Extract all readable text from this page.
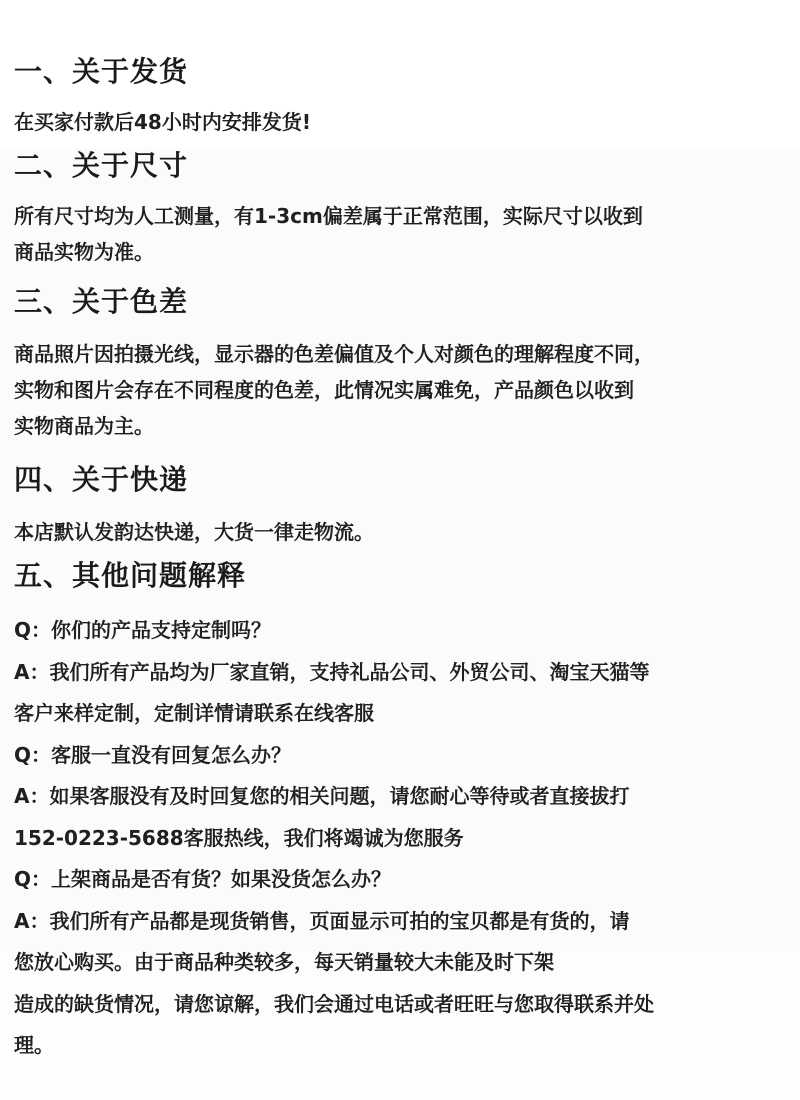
一、关于发货

在买家付款后48小时内安排发货!

二、关于尺寸

所有尺寸均为人工测量，有1-3cm偏差属于正常范围，实际尺寸以收到
商品实物为准。

三、关于色差

商品照片因拍摄光线，显示器的色差偏值及个人对颜色的理解程度不同，
实物和图片会存在不同程度的色差，此情况实属难免，产品颜色以收到
实物商品为主。

四、关于快递

本店默认发韵达快递，大货一律走物流。

五、其他问题解释

Q：你们的产品支持定制吗？
A：我们所有产品均为厂家直销，支持礼品公司、外贸公司、淘宝天猫等
客户来样定制，定制详情请联系在线客服
Q：客服一直没有回复怎么办？
A：如果客服没有及时回复您的相关问题，请您耐心等待或者直接拔打
152-0223-5688客服热线，我们将竭诚为您服务
Q：上架商品是否有货？如果没货怎么办？
A：我们所有产品都是现货销售，页面显示可拍的宝贝都是有货的，请
您放心购买。由于商品种类较多，每天销量较大未能及时下架
造成的缺货情况，请您谅解，我们会通过电话或者旺旺与您取得联系并处
理。
